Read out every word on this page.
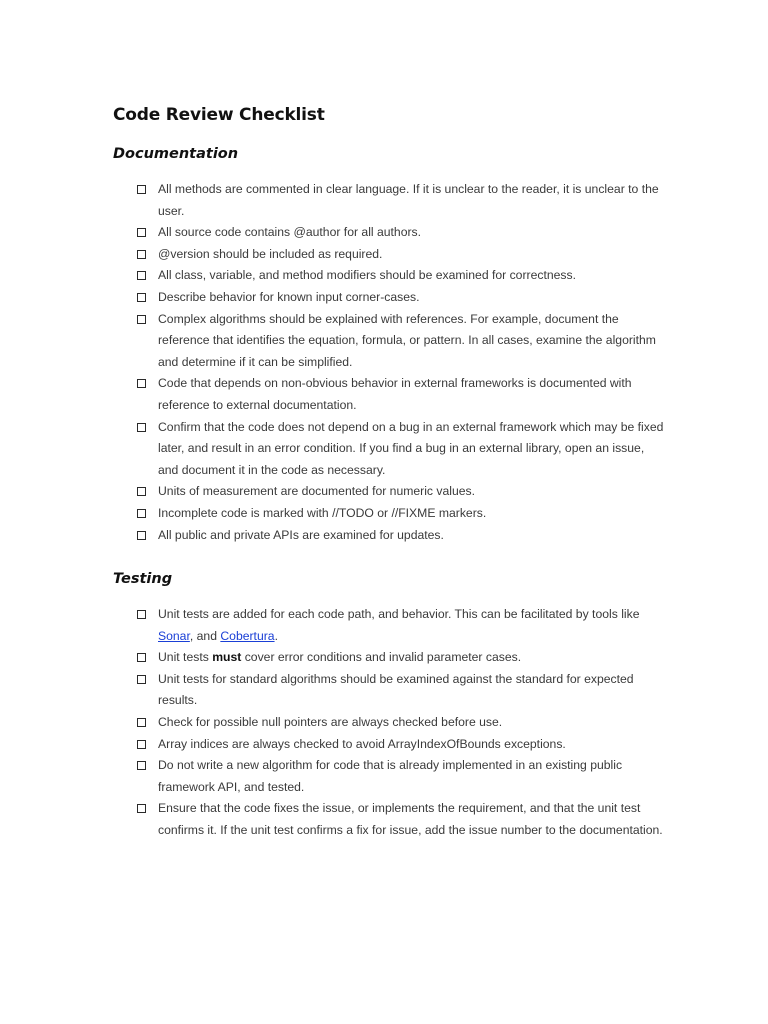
Code Review Checklist
Documentation
All methods are commented in clear language. If it is unclear to the reader, it is unclear to the user.
All source code contains @author for all authors.
@version should be included as required.
All class, variable, and method modifiers should be examined for correctness.
Describe behavior for known input corner-cases.
Complex algorithms should be explained with references. For example, document the reference that identifies the equation, formula, or pattern. In all cases, examine the algorithm and determine if it can be simplified.
Code that depends on non-obvious behavior in external frameworks is documented with reference to external documentation.
Confirm that the code does not depend on a bug in an external framework which may be fixed later, and result in an error condition. If you find a bug in an external library, open an issue, and document it in the code as necessary.
Units of measurement are documented for numeric values.
Incomplete code is marked with //TODO or //FIXME markers.
All public and private APIs are examined for updates.
Testing
Unit tests are added for each code path, and behavior. This can be facilitated by tools like Sonar, and Cobertura.
Unit tests must cover error conditions and invalid parameter cases.
Unit tests for standard algorithms should be examined against the standard for expected results.
Check for possible null pointers are always checked before use.
Array indices are always checked to avoid ArrayIndexOfBounds exceptions.
Do not write a new algorithm for code that is already implemented in an existing public framework API, and tested.
Ensure that the code fixes the issue, or implements the requirement, and that the unit test confirms it. If the unit test confirms a fix for issue, add the issue number to the documentation.
